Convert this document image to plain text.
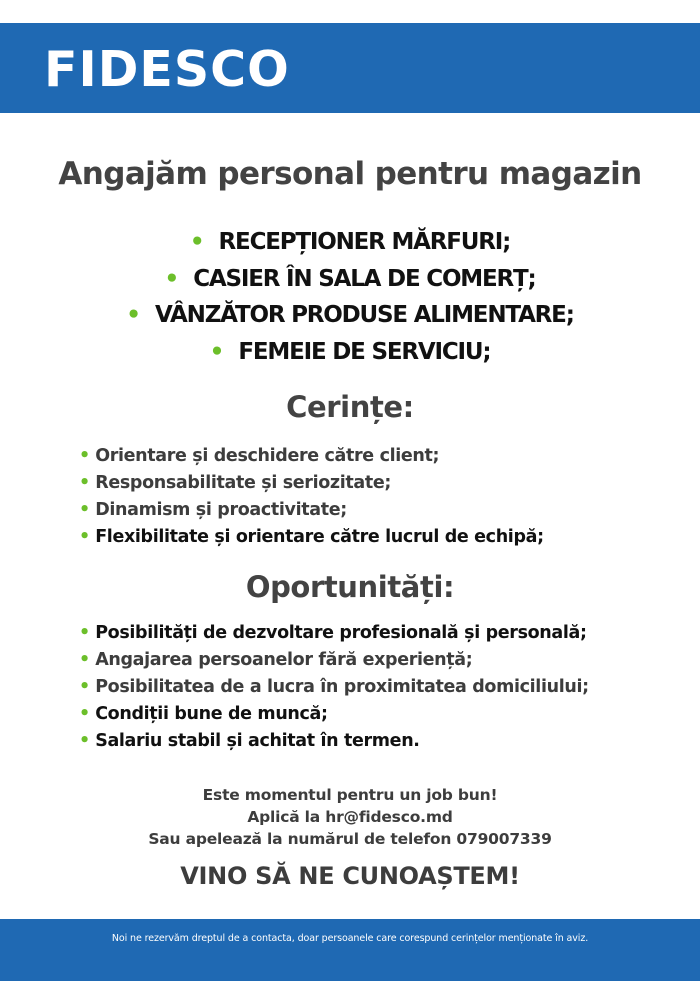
FIDESCO
Angajăm personal pentru magazin
• RECEPȚIONER MĂRFURI;
• CASIER ÎN SALA DE COMERȚ;
• VÂNZĂTOR PRODUSE ALIMENTARE;
• FEMEIE DE SERVICIU;
Cerințe:
• Orientare și deschidere către client;
• Responsabilitate și seriozitate;
• Dinamism și proactivitate;
• Flexibilitate și orientare către lucrul de echipă;
Oportunități:
• Posibilități de dezvoltare profesională și personală;
• Angajarea persoanelor fără experiență;
• Posibilitatea de a lucra în proximitatea domiciliului;
• Condiții bune de muncă;
• Salariu stabil și achitat în termen.
Este momentul pentru un job bun!
Aplică la hr@fidesco.md
Sau apelează la numărul de telefon 079007339
VINO SĂ NE CUNOAȘTEM!
Noi ne rezervăm dreptul de a contacta, doar persoanele care corespund cerințelor menționate în aviz.
